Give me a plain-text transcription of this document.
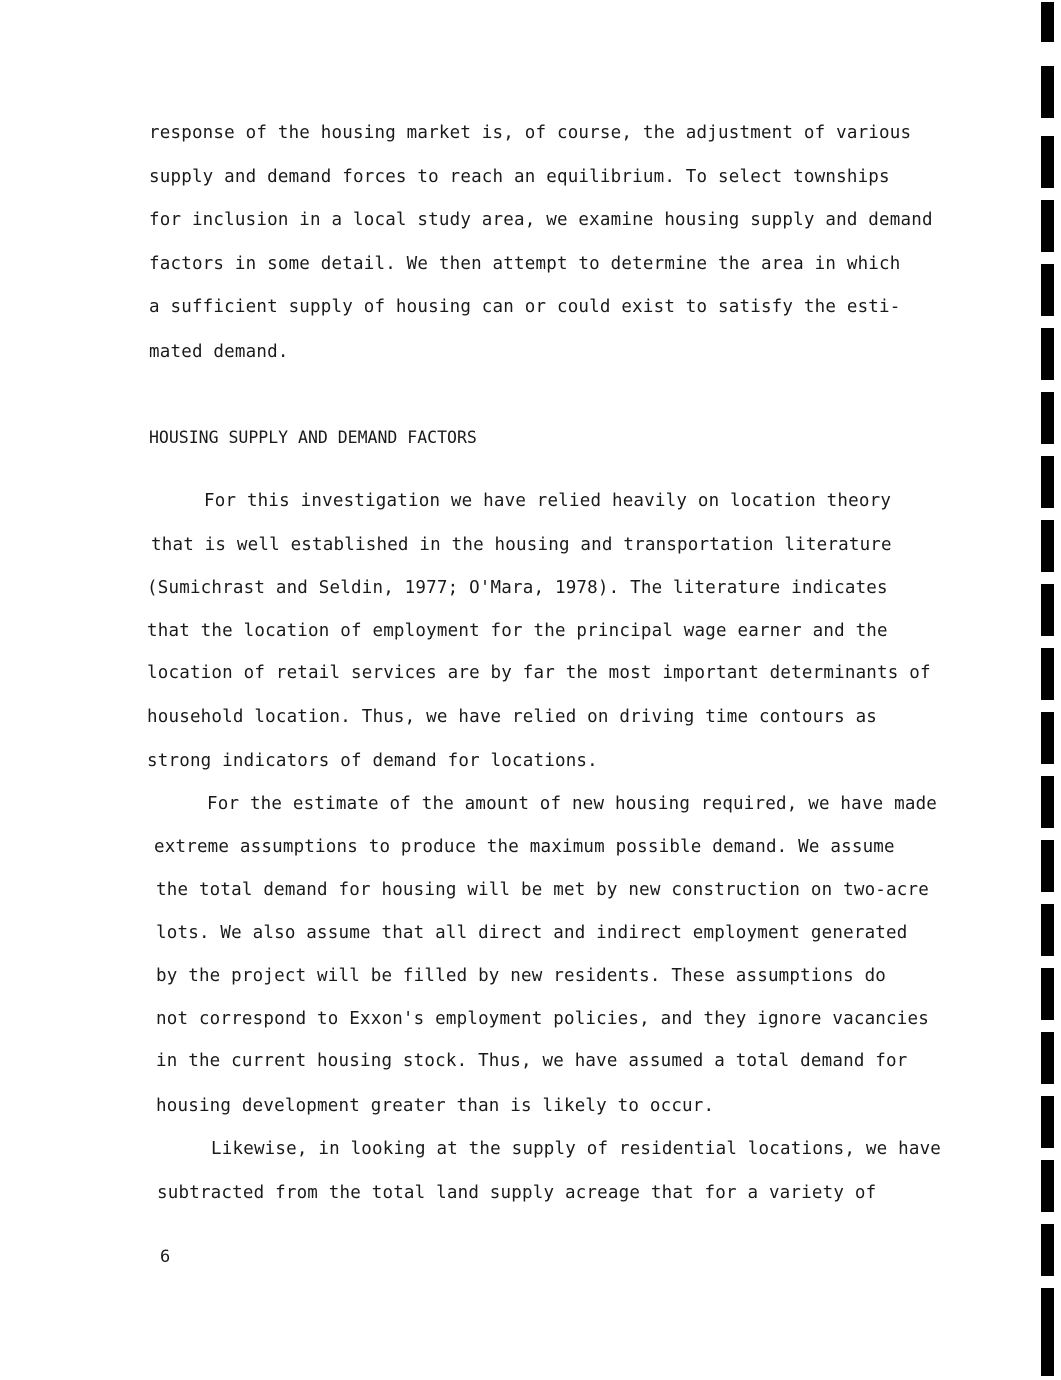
response of the housing market is, of course, the adjustment of various
supply and demand forces to reach an equilibrium. To select townships
for inclusion in a local study area, we examine housing supply and demand
factors in some detail. We then attempt to determine the area in which
a sufficient supply of housing can or could exist to satisfy the esti-
mated demand.
HOUSING SUPPLY AND DEMAND FACTORS
For this investigation we have relied heavily on location theory
that is well established in the housing and transportation literature
(Sumichrast and Seldin, 1977; O'Mara, 1978). The literature indicates
that the location of employment for the principal wage earner and the
location of retail services are by far the most important determinants of
household location. Thus, we have relied on driving time contours as
strong indicators of demand for locations.
For the estimate of the amount of new housing required, we have made
extreme assumptions to produce the maximum possible demand. We assume
the total demand for housing will be met by new construction on two-acre
lots. We also assume that all direct and indirect employment generated
by the project will be filled by new residents. These assumptions do
not correspond to Exxon's employment policies, and they ignore vacancies
in the current housing stock. Thus, we have assumed a total demand for
housing development greater than is likely to occur.
Likewise, in looking at the supply of residential locations, we have
subtracted from the total land supply acreage that for a variety of
6
